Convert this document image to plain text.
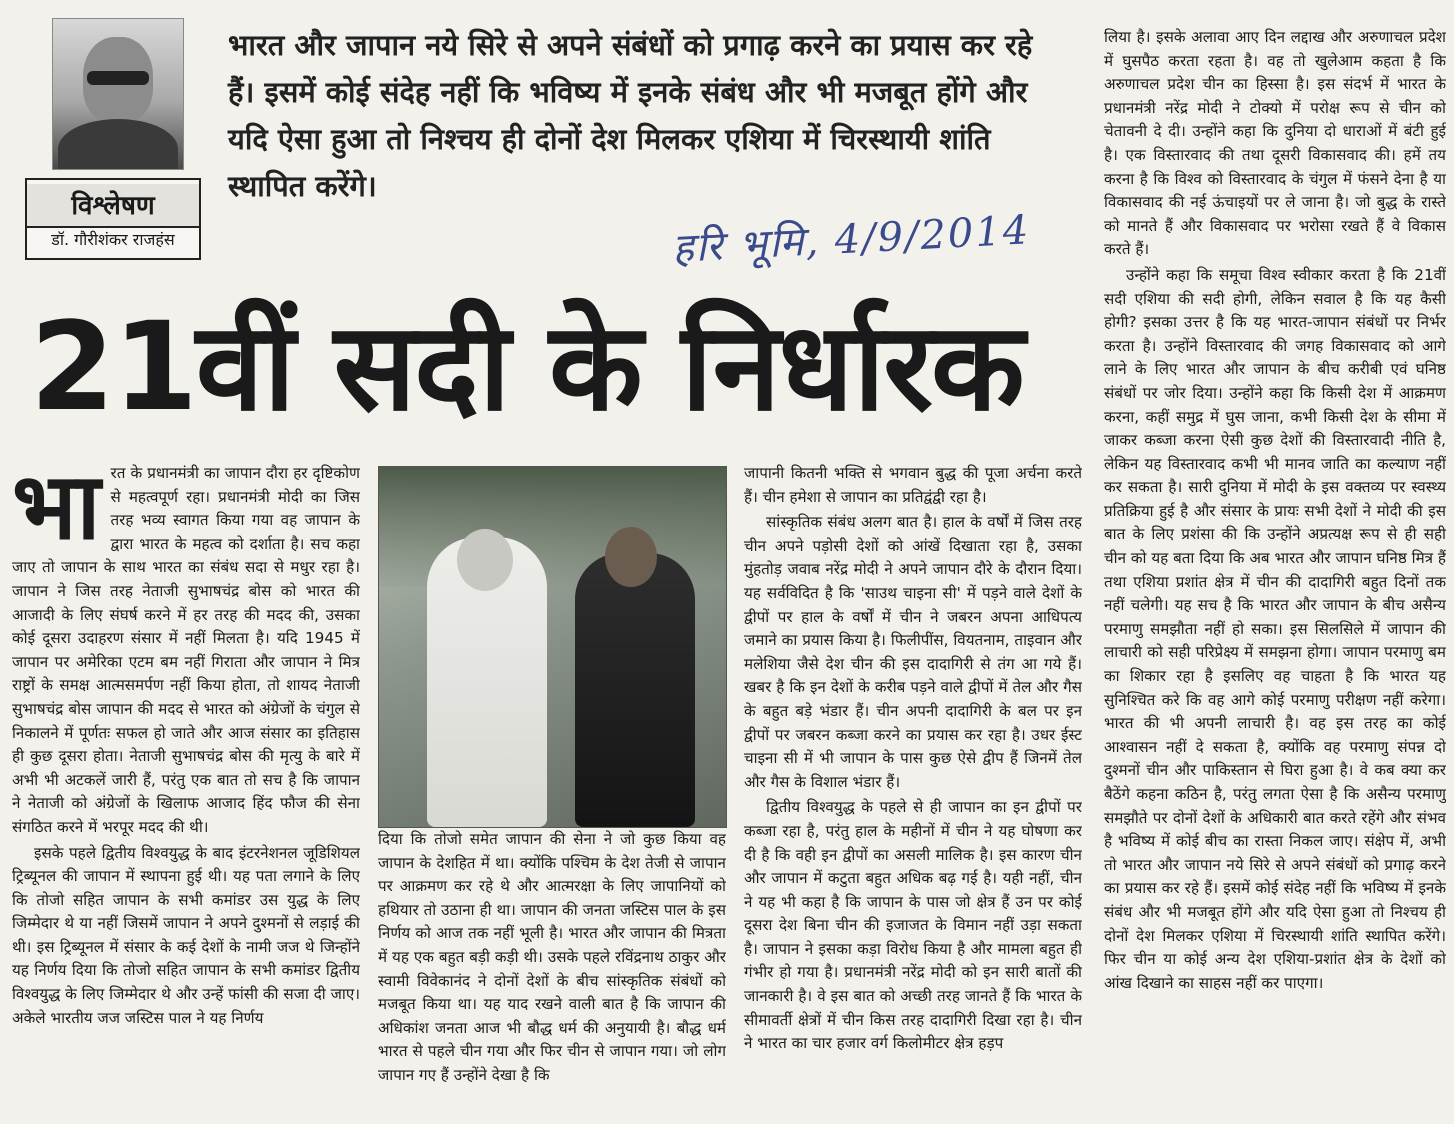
विश्लेषण
डॉ. गौरीशंकर राजहंस
भारत और जापान नये सिरे से अपने संबंधों को प्रगाढ़ करने का प्रयास कर रहे हैं। इसमें कोई संदेह नहीं कि भविष्य में इनके संबंध और भी मजबूत होंगे और यदि ऐसा हुआ तो निश्चय ही दोनों देश मिलकर एशिया में चिरस्थायी शांति स्थापित करेंगे।
हरि भूमि, 4/9/2014
21वीं सदी के निर्धारक
भा रत के प्रधानमंत्री का जापान दौरा हर दृष्टिकोण से महत्वपूर्ण रहा। प्रधानमंत्री मोदी का जिस तरह भव्य स्वागत किया गया वह जापान के द्वारा भारत के महत्व को दर्शाता है। सच कहा जाए तो जापान के साथ भारत का संबंध सदा से मधुर रहा है। जापान ने जिस तरह नेताजी सुभाषचंद्र बोस को भारत की आजादी के लिए संघर्ष करने में हर तरह की मदद की, उसका कोई दूसरा उदाहरण संसार में नहीं मिलता है। यदि 1945 में जापान पर अमेरिका एटम बम नहीं गिराता और जापान ने मित्र राष्ट्रों के समक्ष आत्मसमर्पण नहीं किया होता, तो शायद नेताजी सुभाषचंद्र बोस जापान की मदद से भारत को अंग्रेजों के चंगुल से निकालने में पूर्णतः सफल हो जाते और आज संसार का इतिहास ही कुछ दूसरा होता। नेताजी सुभाषचंद्र बोस की मृत्यु के बारे में अभी भी अटकलें जारी हैं, परंतु एक बात तो सच है कि जापान ने नेताजी को अंग्रेजों के खिलाफ आजाद हिंद फौज की सेना संगठित करने में भरपूर मदद की थी।

इसके पहले द्वितीय विश्वयुद्ध के बाद इंटरनेशनल जूडिशियल ट्रिब्यूनल की जापान में स्थापना हुई थी। यह पता लगाने के लिए कि तोजो सहित जापान के सभी कमांडर उस युद्ध के लिए जिम्मेदार थे या नहीं जिसमें जापान ने अपने दुश्मनों से लड़ाई की थी। इस ट्रिब्यूनल में संसार के कई देशों के नामी जज थे जिन्होंने यह निर्णय दिया कि तोजो सहित जापान के सभी कमांडर द्वितीय विश्वयुद्ध के लिए जिम्मेदार थे और उन्हें फांसी की सजा दी जाए। अकेले भारतीय जज जस्टिस पाल ने यह निर्णय

दिया कि तोजो समेत जापान की सेना ने जो कुछ किया वह जापान के देशहित में था। क्योंकि पश्चिम के देश तेजी से जापान पर आक्रमण कर रहे थे और आत्मरक्षा के लिए जापानियों को हथियार तो उठाना ही था। जापान की जनता जस्टिस पाल के इस निर्णय को आज तक नहीं भूली है। भारत और जापान की मित्रता में यह एक बहुत बड़ी कड़ी थी। उसके पहले रविंद्रनाथ ठाकुर और स्वामी विवेकानंद ने दोनों देशों के बीच सांस्कृतिक संबंधों को मजबूत किया था। यह याद रखने वाली बात है कि जापान की अधिकांश जनता आज भी बौद्ध धर्म की अनुयायी है। बौद्ध धर्म भारत से पहले चीन गया और फिर चीन से जापान गया। जो लोग जापान गए हैं उन्होंने देखा है कि

जापानी कितनी भक्ति से भगवान बुद्ध की पूजा अर्चना करते हैं। चीन हमेशा से जापान का प्रतिद्वंद्वी रहा है।

सांस्कृतिक संबंध अलग बात है। हाल के वर्षों में जिस तरह चीन अपने पड़ोसी देशों को आंखें दिखाता रहा है, उसका मुंहतोड़ जवाब नरेंद्र मोदी ने अपने जापान दौरे के दौरान दिया। यह सर्वविदित है कि 'साउथ चाइना सी' में पड़ने वाले देशों के द्वीपों पर हाल के वर्षों में चीन ने जबरन अपना आधिपत्य जमाने का प्रयास किया है। फिलीपींस, वियतनाम, ताइवान और मलेशिया जैसे देश चीन की इस दादागिरी से तंग आ गये हैं। खबर है कि इन देशों के करीब पड़ने वाले द्वीपों में तेल और गैस के बहुत बड़े भंडार हैं। चीन अपनी दादागिरी के बल पर इन द्वीपों पर जबरन कब्जा करने का प्रयास कर रहा है। उधर ईस्ट चाइना सी में भी जापान के पास कुछ ऐसे द्वीप हैं जिनमें तेल और गैस के विशाल भंडार हैं।

द्वितीय विश्वयुद्ध के पहले से ही जापान का इन द्वीपों पर कब्जा रहा है, परंतु हाल के महीनों में चीन ने यह घोषणा कर दी है कि वही इन द्वीपों का असली मालिक है। इस कारण चीन और जापान में कटुता बहुत अधिक बढ़ गई है। यही नहीं, चीन ने यह भी कहा है कि जापान के पास जो क्षेत्र हैं उन पर कोई दूसरा देश बिना चीन की इजाजत के विमान नहीं उड़ा सकता है। जापान ने इसका कड़ा विरोध किया है और मामला बहुत ही गंभीर हो गया है। प्रधानमंत्री नरेंद्र मोदी को इन सारी बातों की जानकारी है। वे इस बात को अच्छी तरह जानते हैं कि भारत के सीमावर्ती क्षेत्रों में चीन किस तरह दादागिरी दिखा रहा है। चीन ने भारत का चार हजार वर्ग किलोमीटर क्षेत्र हड़प

लिया है। इसके अलावा आए दिन लद्दाख और अरुणाचल प्रदेश में घुसपैठ करता रहता है। वह तो खुलेआम कहता है कि अरुणाचल प्रदेश चीन का हिस्सा है। इस संदर्भ में भारत के प्रधानमंत्री नरेंद्र मोदी ने टोक्यो में परोक्ष रूप से चीन को चेतावनी दे दी। उन्होंने कहा कि दुनिया दो धाराओं में बंटी हुई है। एक विस्तारवाद की तथा दूसरी विकासवाद की। हमें तय करना है कि विश्व को विस्तारवाद के चंगुल में फंसने देना है या विकासवाद की नई ऊंचाइयों पर ले जाना है। जो बुद्ध के रास्ते को मानते हैं और विकासवाद पर भरोसा रखते हैं वे विकास करते हैं।

उन्होंने कहा कि समूचा विश्व स्वीकार करता है कि 21वीं सदी एशिया की सदी होगी, लेकिन सवाल है कि यह कैसी होगी? इसका उत्तर है कि यह भारत-जापान संबंधों पर निर्भर करता है। उन्होंने विस्तारवाद की जगह विकासवाद को आगे लाने के लिए भारत और जापान के बीच करीबी एवं घनिष्ठ संबंधों पर जोर दिया। उन्होंने कहा कि किसी देश में आक्रमण करना, कहीं समुद्र में घुस जाना, कभी किसी देश के सीमा में जाकर कब्जा करना ऐसी कुछ देशों की विस्तारवादी नीति है, लेकिन यह विस्तारवाद कभी भी मानव जाति का कल्याण नहीं कर सकता है। सारी दुनिया में मोदी के इस वक्तव्य पर स्वस्थ्य प्रतिक्रिया हुई है और संसार के प्रायः सभी देशों ने मोदी की इस बात के लिए प्रशंसा की कि उन्होंने अप्रत्यक्ष रूप से ही सही चीन को यह बता दिया कि अब भारत और जापान घनिष्ठ मित्र हैं तथा एशिया प्रशांत क्षेत्र में चीन की दादागिरी बहुत दिनों तक नहीं चलेगी। यह सच है कि भारत और जापान के बीच असैन्य परमाणु समझौता नहीं हो सका। इस सिलसिले में जापान की लाचारी को सही परिप्रेक्ष्य में समझना होगा। जापान परमाणु बम का शिकार रहा है इसलिए वह चाहता है कि भारत यह सुनिश्चित करे कि वह आगे कोई परमाणु परीक्षण नहीं करेगा। भारत की भी अपनी लाचारी है। वह इस तरह का कोई आश्वासन नहीं दे सकता है, क्योंकि वह परमाणु संपन्न दो दुश्मनों चीन और पाकिस्तान से घिरा हुआ है। वे कब क्या कर बैठेंगे कहना कठिन है, परंतु लगता ऐसा है कि असैन्य परमाणु समझौते पर दोनों देशों के अधिकारी बात करते रहेंगे और संभव है भविष्य में कोई बीच का रास्ता निकल जाए। संक्षेप में, अभी तो भारत और जापान नये सिरे से अपने संबंधों को प्रगाढ़ करने का प्रयास कर रहे हैं। इसमें कोई संदेह नहीं कि भविष्य में इनके संबंध और भी मजबूत होंगे और यदि ऐसा हुआ तो निश्चय ही दोनों देश मिलकर एशिया में चिरस्थायी शांति स्थापित करेंगे। फिर चीन या कोई अन्य देश एशिया-प्रशांत क्षेत्र के देशों को आंख दिखाने का साहस नहीं कर पाएगा।
